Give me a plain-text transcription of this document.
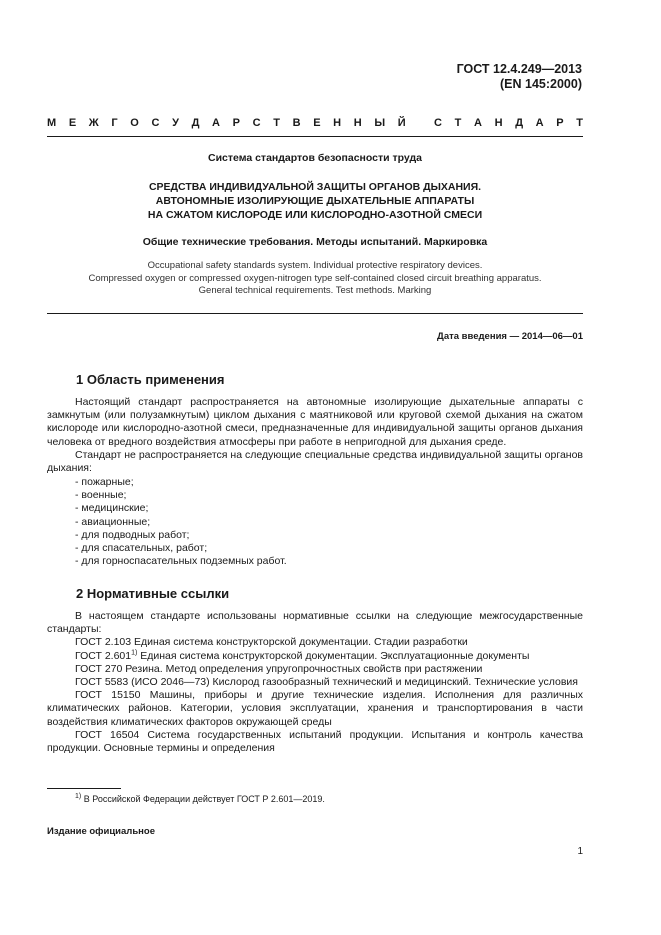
ГОСТ 12.4.249—2013
(EN 145:2000)
М Е Ж Г О С У Д А Р С Т В Е Н Н Ы Й
	С Т А Н Д А Р Т
Система стандартов безопасности труда
СРЕДСТВА ИНДИВИДУАЛЬНОЙ ЗАЩИТЫ ОРГАНОВ ДЫХАНИЯ.
АВТОНОМНЫЕ ИЗОЛИРУЮЩИЕ ДЫХАТЕЛЬНЫЕ АППАРАТЫ
НА СЖАТОМ КИСЛОРОДЕ ИЛИ КИСЛОРОДНО-АЗОТНОЙ СМЕСИ
Общие технические требования. Методы испытаний. Маркировка
Occupational safety standards system. Individual protective respiratory devices.
Compressed oxygen or compressed oxygen-nitrogen type self-contained closed circuit breathing apparatus.
General technical requirements. Test methods. Marking
Дата введения — 2014—06—01
1 Область применения

Настоящий стандарт распространяется на автономные изолирующие дыхательные аппараты с замкнутым (или полузамкнутым) циклом дыхания с маятниковой или круговой схемой дыхания на сжатом кислороде или кислородно-азотной смеси, предназначенные для индивидуальной защиты органов дыхания человека от вредного воздействия атмосферы при работе в непригодной для дыхания среде.

Стандарт не распространяется на следующие специальные средства индивидуальной защиты органов дыхания:

- пожарные;
- военные;
- медицинские;
- авиационные;
- для подводных работ;
- для спасательных, работ;
- для горноспасательных подземных работ.
2 Нормативные ссылки

В настоящем стандарте использованы нормативные ссылки на следующие межгосударственные стандарты:

ГОСТ 2.103 Единая система конструкторской документации. Стадии разработки

ГОСТ 2.601$^{1)}$ Единая система конструкторской документации. Эксплуатационные документы

ГОСТ 270 Резина. Метод определения упругопрочностных свойств при растяжении

ГОСТ 5583 (ИСО 2046—73) Кислород газообразный технический и медицинский. Технические условия

ГОСТ 15150 Машины, приборы и другие технические изделия. Исполнения для различных климатических районов. Категории, условия эксплуатации, хранения и транспортирования в части воздействия климатических факторов окружающей среды

ГОСТ 16504 Система государственных испытаний продукции. Испытания и контроль качества продукции. Основные термины и определения

$^{1)}$ В Российской Федерации действует ГОСТ Р 2.601—2019.
Издание официальное
1
